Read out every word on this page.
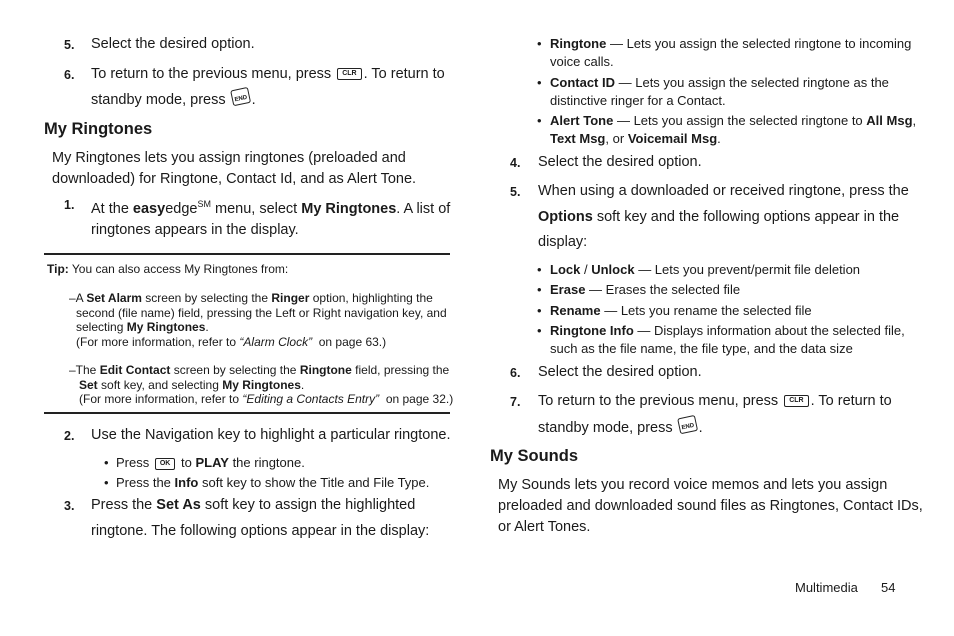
5. Select the desired option.
6. To return to the previous menu, press CLR . To return to
standby mode, press END .
My Ringtones
My Ringtones lets you assign ringtones (preloaded and
downloaded) for Ringtone, Contact Id, and as Alert Tone.
1. At the easyedge℠ menu, select My Ringtones. A list of
ringtones appears in the display.
Tip: You can also access My Ringtones from:
–A Set Alarm screen by selecting the Ringer option, highlighting the
second (file name) field, pressing the Left or Right navigation key, and
selecting My Ringtones.
(For more information, refer to “Alarm Clock” on page 63.)
–The Edit Contact screen by selecting the Ringtone field, pressing the
Set soft key, and selecting My Ringtones.
(For more information, refer to “Editing a Contacts Entry” on page 32.)
2. Use the Navigation key to highlight a particular ringtone.
• Press OK to PLAY the ringtone.
• Press the Info soft key to show the Title and File Type.
3. Press the Set As soft key to assign the highlighted
ringtone. The following options appear in the display:
• Ringtone — Lets you assign the selected ringtone to incoming
voice calls.
• Contact ID — Lets you assign the selected ringtone as the
distinctive ringer for a Contact.
• Alert Tone — Lets you assign the selected ringtone to All Msg,
Text Msg, or Voicemail Msg.
4. Select the desired option.
5. When using a downloaded or received ringtone, press the
Options soft key and the following options appear in the
display:
• Lock / Unlock — Lets you prevent/permit file deletion
• Erase — Erases the selected file
• Rename — Lets you rename the selected file
• Ringtone Info — Displays information about the selected file,
such as the file name, the file type, and the data size
6. Select the desired option.
7. To return to the previous menu, press CLR . To return to
standby mode, press END .
My Sounds
My Sounds lets you record voice memos and lets you assign
preloaded and downloaded sound files as Ringtones, Contact IDs,
or Alert Tones.
Multimedia 54
